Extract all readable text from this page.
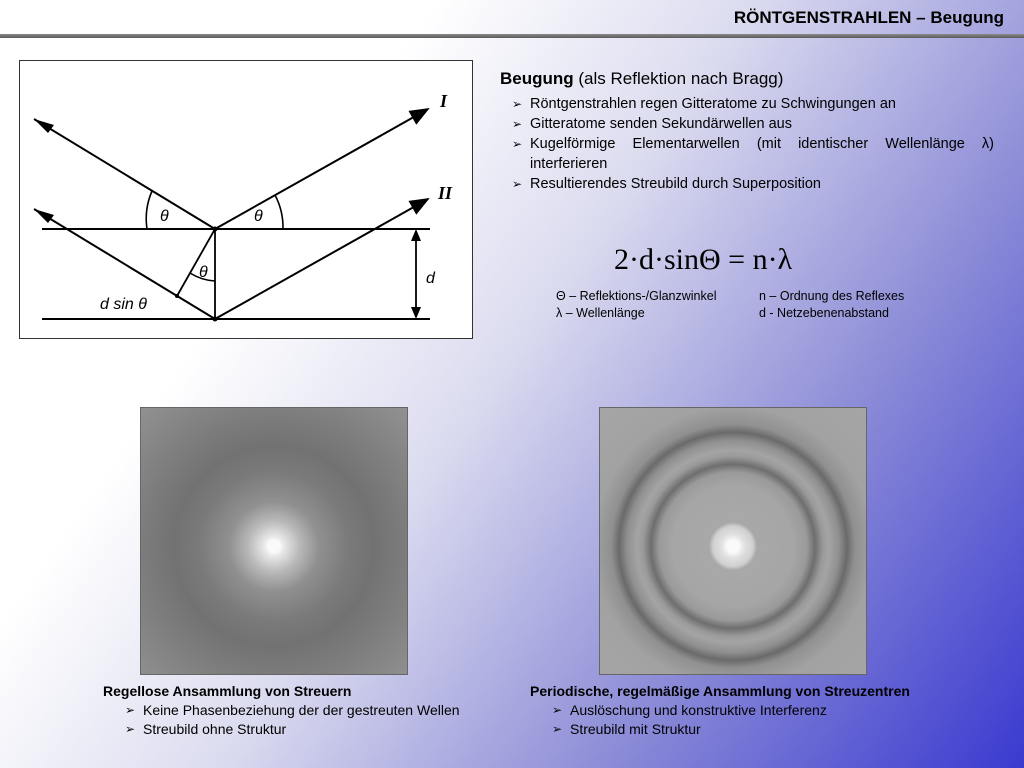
RÖNTGENSTRAHLEN – Beugung
I
II
θ	θ
θ	d
d sin θ
Beugung (als Reflektion nach Bragg)
➢ Röntgenstrahlen regen Gitteratome zu Schwingungen an
➢ Gitteratome senden Sekundärwellen aus
➢ Kugelförmige Elementarwellen (mit identischer Wellenlänge λ) interferieren
➢ Resultierendes Streubild durch Superposition
2·d·sinΘ = n·λ
Θ – Reflektions-/Glanzwinkel
λ – Wellenlänge
n – Ordnung des Reflexes
d - Netzebenenabstand
Regellose Ansammlung von Streuern
➢ Keine Phasenbeziehung der der gestreuten Wellen
➢ Streubild ohne Struktur
Periodische, regelmäßige Ansammlung von Streuzentren
➢ Auslöschung und konstruktive Interferenz
➢ Streubild mit Struktur
